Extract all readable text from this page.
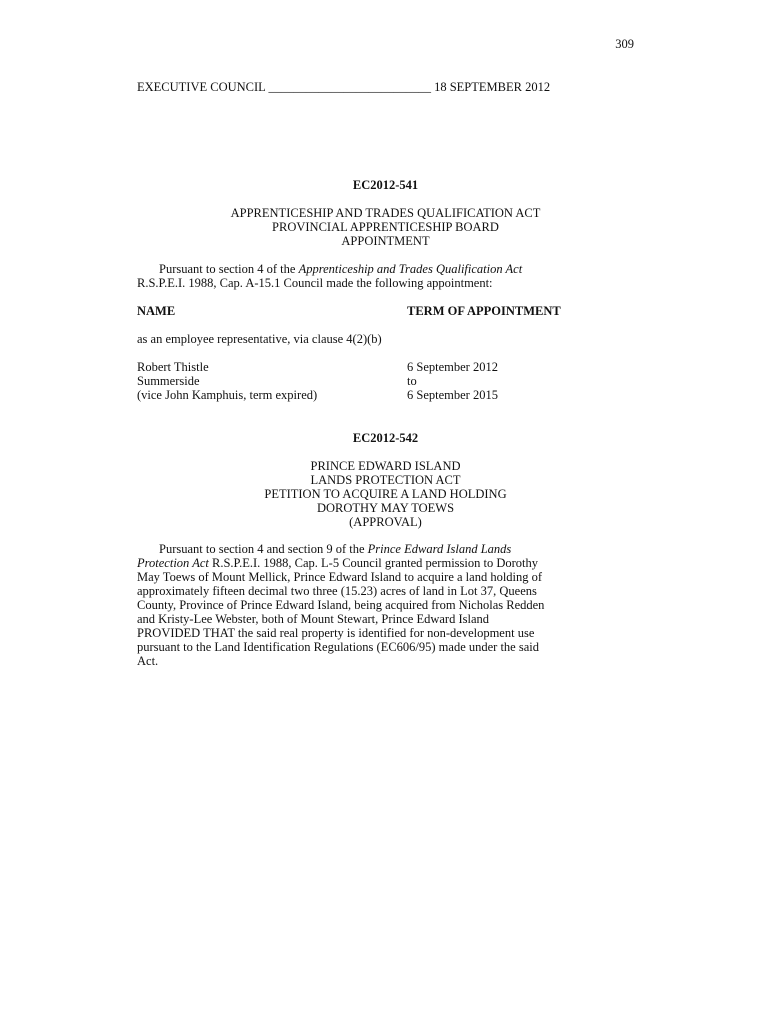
309
EXECUTIVE COUNCIL __________________________ 18 SEPTEMBER 2012
EC2012-541
APPRENTICESHIP AND TRADES QUALIFICATION ACT
PROVINCIAL APPRENTICESHIP BOARD
APPOINTMENT
Pursuant to section 4 of the Apprenticeship and Trades Qualification Act
R.S.P.E.I. 1988, Cap. A-15.1 Council made the following appointment:
NAME	TERM OF APPOINTMENT
as an employee representative, via clause 4(2)(b)
Robert Thistle
Summerside
(vice John Kamphuis, term expired)
6 September 2012
to
6 September 2015
EC2012-542
PRINCE EDWARD ISLAND
LANDS PROTECTION ACT
PETITION TO ACQUIRE A LAND HOLDING
DOROTHY MAY TOEWS
(APPROVAL)
Pursuant to section 4 and section 9 of the Prince Edward Island Lands
Protection Act R.S.P.E.I. 1988, Cap. L-5 Council granted permission to Dorothy
May Toews of Mount Mellick, Prince Edward Island to acquire a land holding of
approximately fifteen decimal two three (15.23) acres of land in Lot 37, Queens
County, Province of Prince Edward Island, being acquired from Nicholas Redden
and Kristy-Lee Webster, both of Mount Stewart, Prince Edward Island
PROVIDED THAT the said real property is identified for non-development use
pursuant to the Land Identification Regulations (EC606/95) made under the said
Act.
